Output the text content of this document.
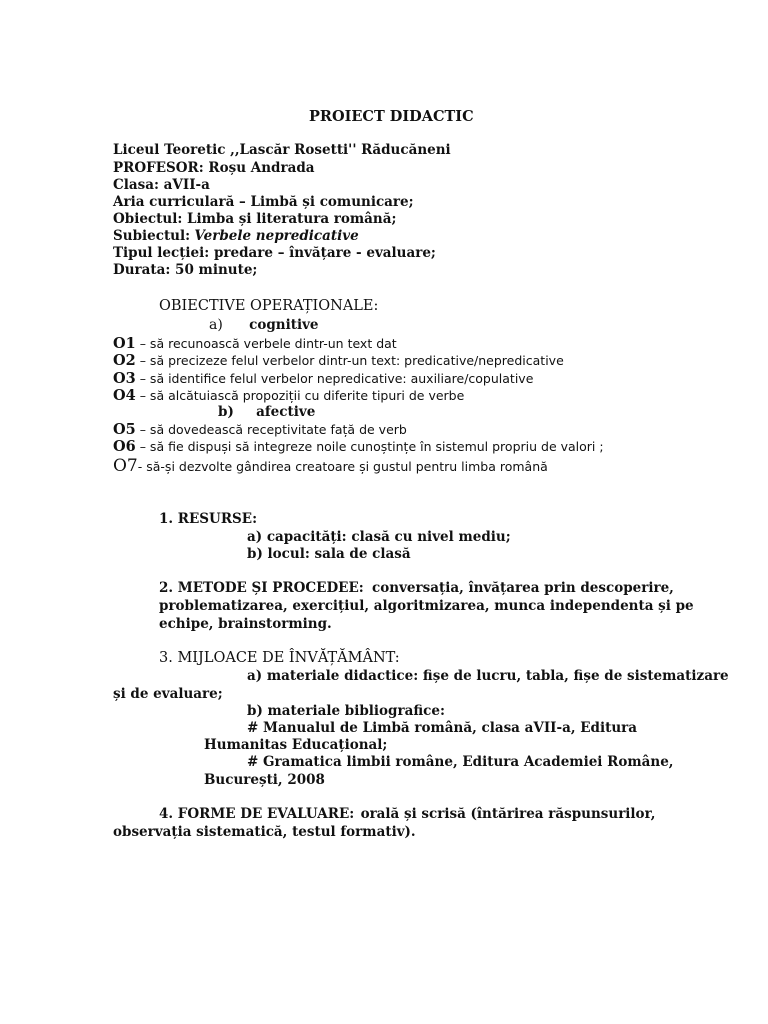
PROIECT DIDACTIC
Liceul Teoretic ,,Lascăr Rosetti'' Răducăneni
PROFESOR: Roșu Andrada
Clasa: aVII-a
Aria curriculară – Limbă și comunicare;
Obiectul: Limba și literatura română;
Subiectul: Verbele nepredicative
Tipul lecției: predare – învățare - evaluare;
Durata: 50 minute;
OBIECTIVE OPERAȚIONALE:
a) cognitive
O1 – să recunoască verbele dintr-un text dat
O2 – să precizeze felul verbelor dintr-un text: predicative/nepredicative
O3 – să identifice felul verbelor nepredicative: auxiliare/copulative
O4 – să alcătuiască propoziții cu diferite tipuri de verbe
b) afective
O5 – să dovedească receptivitate față de verb
O6 – să fie dispuși să integreze noile cunoștințe în sistemul propriu de valori ;
O7- să-și dezvolte gândirea creatoare și gustul pentru limba română
1. RESURSE:
a) capacități: clasă cu nivel mediu;
b) locul: sala de clasă
2. METODE ȘI PROCEDEE: conversația, învățarea prin descoperire,
problematizarea, exercițiul, algoritmizarea, munca independenta și pe
echipe, brainstorming.
3. MIJLOACE DE ÎNVĂȚĂMÂNT:
a) materiale didactice: fișe de lucru, tabla, fișe de sistematizare
și de evaluare;
b) materiale bibliografice:
# Manualul de Limbă română, clasa aVII-a, Editura
Humanitas Educațional;
# Gramatica limbii române, Editura Academiei Române,
București, 2008
4. FORME DE EVALUARE: orală și scrisă (întărirea răspunsurilor,
observația sistematică, testul formativ).
